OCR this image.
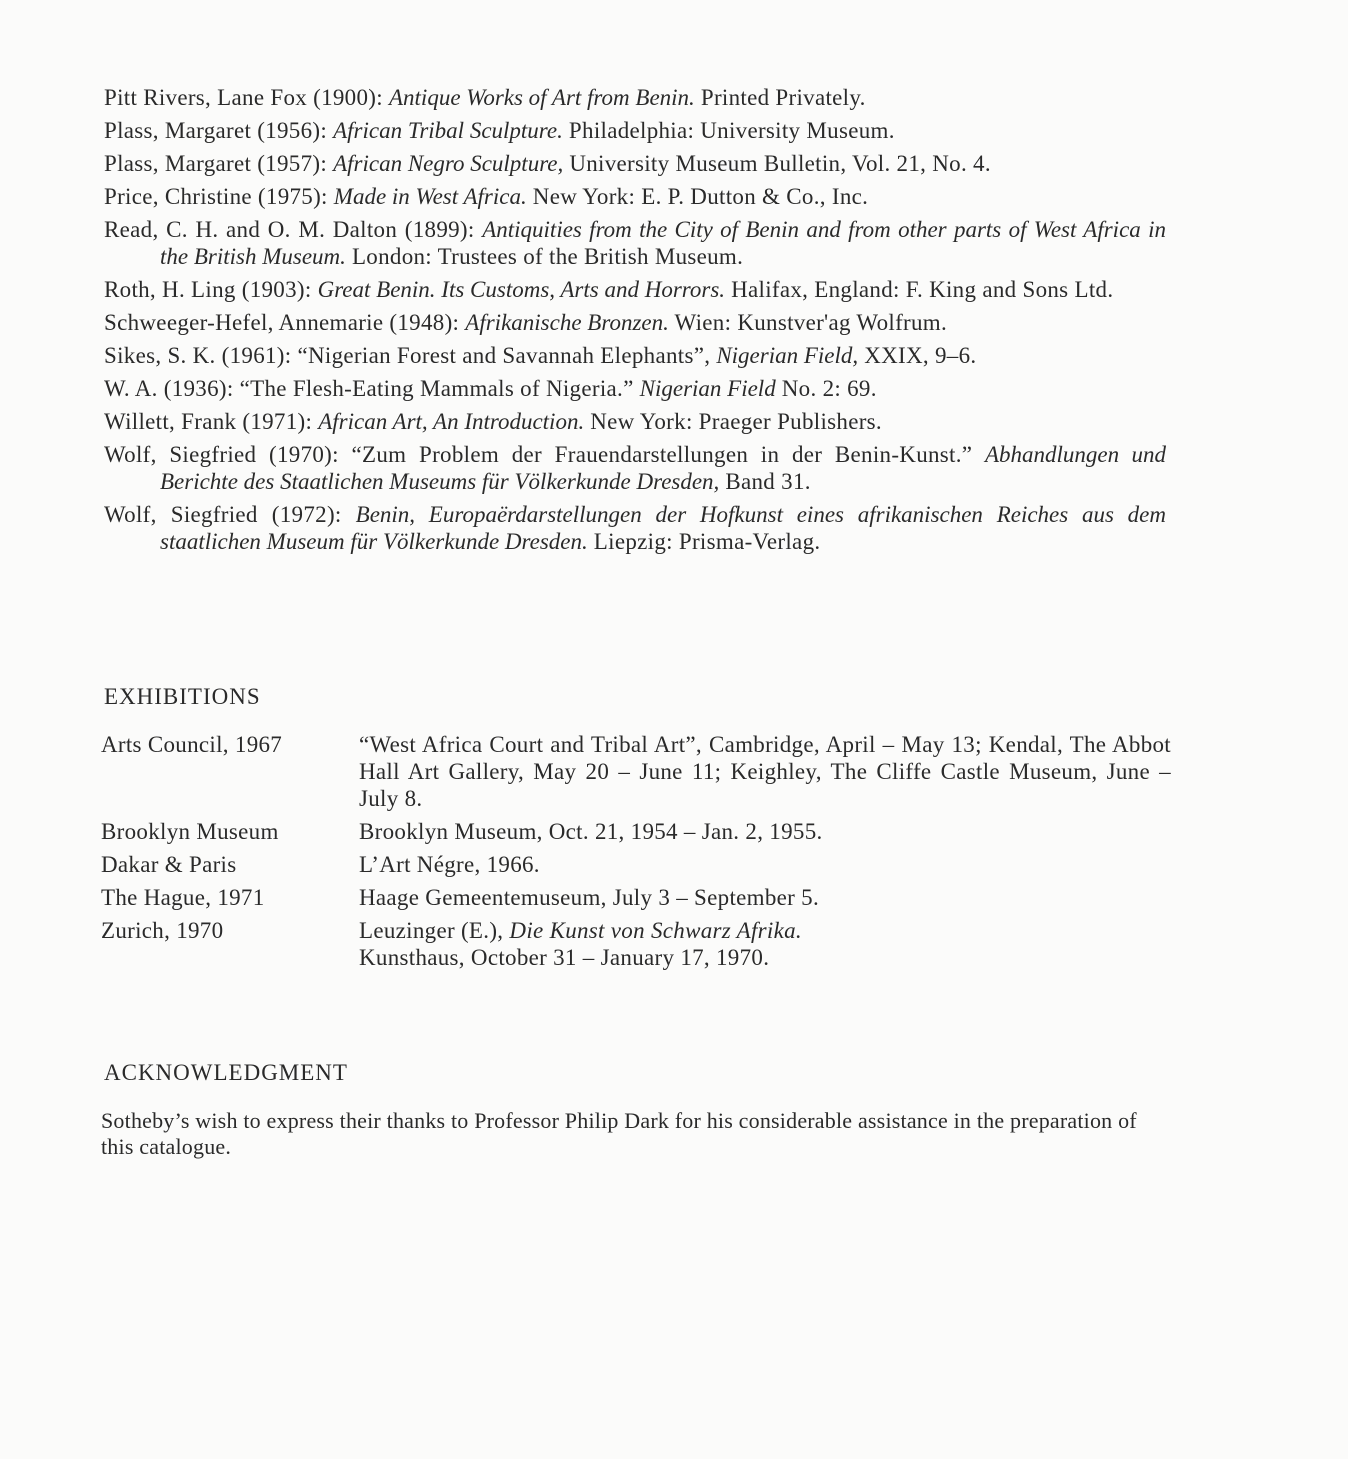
Pitt Rivers, Lane Fox (1900): Antique Works of Art from Benin. Printed Privately.

Plass, Margaret (1956): African Tribal Sculpture. Philadelphia: University Museum.

Plass, Margaret (1957): African Negro Sculpture, University Museum Bulletin, Vol. 21, No. 4.

Price, Christine (1975): Made in West Africa. New York: E. P. Dutton & Co., Inc.

Read, C. H. and O. M. Dalton (1899): Antiquities from the City of Benin and from other parts of West Africa in the British Museum. London: Trustees of the British Museum.

Roth, H. Ling (1903): Great Benin. Its Customs, Arts and Horrors. Halifax, England: F. King and Sons Ltd.

Schweeger-Hefel, Annemarie (1948): Afrikanische Bronzen. Wien: Kunstver'ag Wolfrum.

Sikes, S. K. (1961): “Nigerian Forest and Savannah Elephants”, Nigerian Field, XXIX, 9–6.

W. A. (1936): “The Flesh-Eating Mammals of Nigeria.” Nigerian Field No. 2: 69.

Willett, Frank (1971): African Art, An Introduction. New York: Praeger Publishers.

Wolf, Siegfried (1970): “Zum Problem der Frauendarstellungen in der Benin-Kunst.” Abhandlungen und Berichte des Staatlichen Museums für Völkerkunde Dresden, Band 31.

Wolf, Siegfried (1972): Benin, Europaërdarstellungen der Hofkunst eines afrikanischen Reiches aus dem staatlichen Museum für Völkerkunde Dresden. Liepzig: Prisma-Verlag.

EXHIBITIONS
Arts Council, 1967	“West Africa Court and Tribal Art”, Cambridge, April – May 13; Kendal, The Abbot Hall Art Gallery, May 20 – June 11; Keighley, The Cliffe Castle Museum, June – July 8.
Brooklyn Museum	Brooklyn Museum, Oct. 21, 1954 – Jan. 2, 1955.
Dakar & Paris	L’Art Négre, 1966.
The Hague, 1971	Haage Gemeentemuseum, July 3 – September 5.
Zurich, 1970	Leuzinger (E.), Die Kunst von Schwarz Afrika.
Kunsthaus, October 31 – January 17, 1970.
ACKNOWLEDGMENT

Sotheby’s wish to express their thanks to Professor Philip Dark for his considerable assistance in the preparation of this catalogue.
